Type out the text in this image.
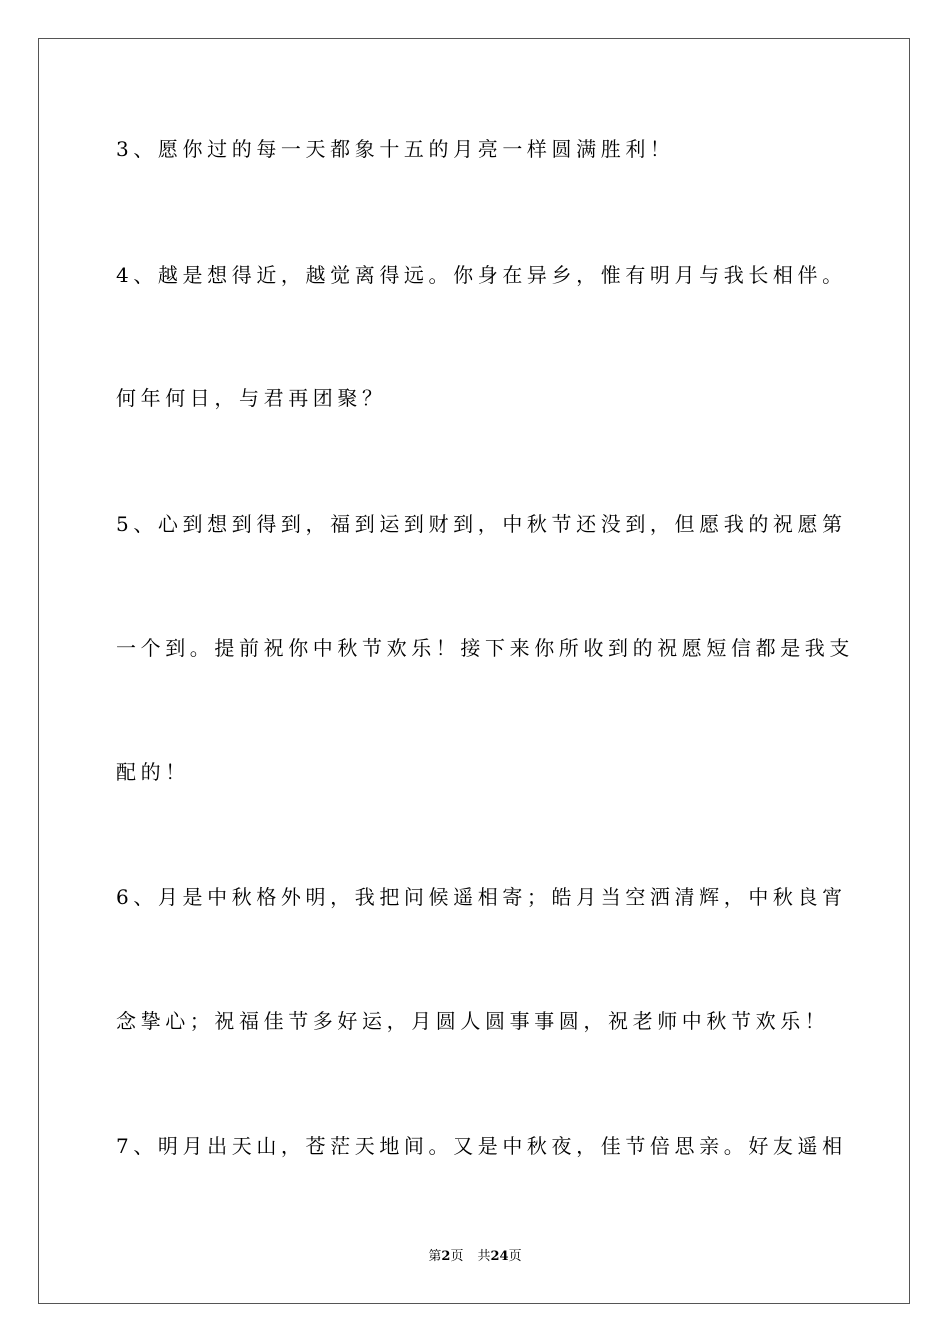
3、愿你过的每一天都象十五的月亮一样圆满胜利！
4、越是想得近，越觉离得远。你身在异乡，惟有明月与我长相伴。
何年何日，与君再团聚？
5、心到想到得到，福到运到财到，中秋节还没到，但愿我的祝愿第
一个到。提前祝你中秋节欢乐！接下来你所收到的祝愿短信都是我支
配的！
6、月是中秋格外明，我把问候遥相寄；皓月当空洒清辉，中秋良宵
念挚心；祝福佳节多好运，月圆人圆事事圆，祝老师中秋节欢乐！
7、明月出天山，苍茫天地间。又是中秋夜，佳节倍思亲。好友遥相
第2页 共24页
